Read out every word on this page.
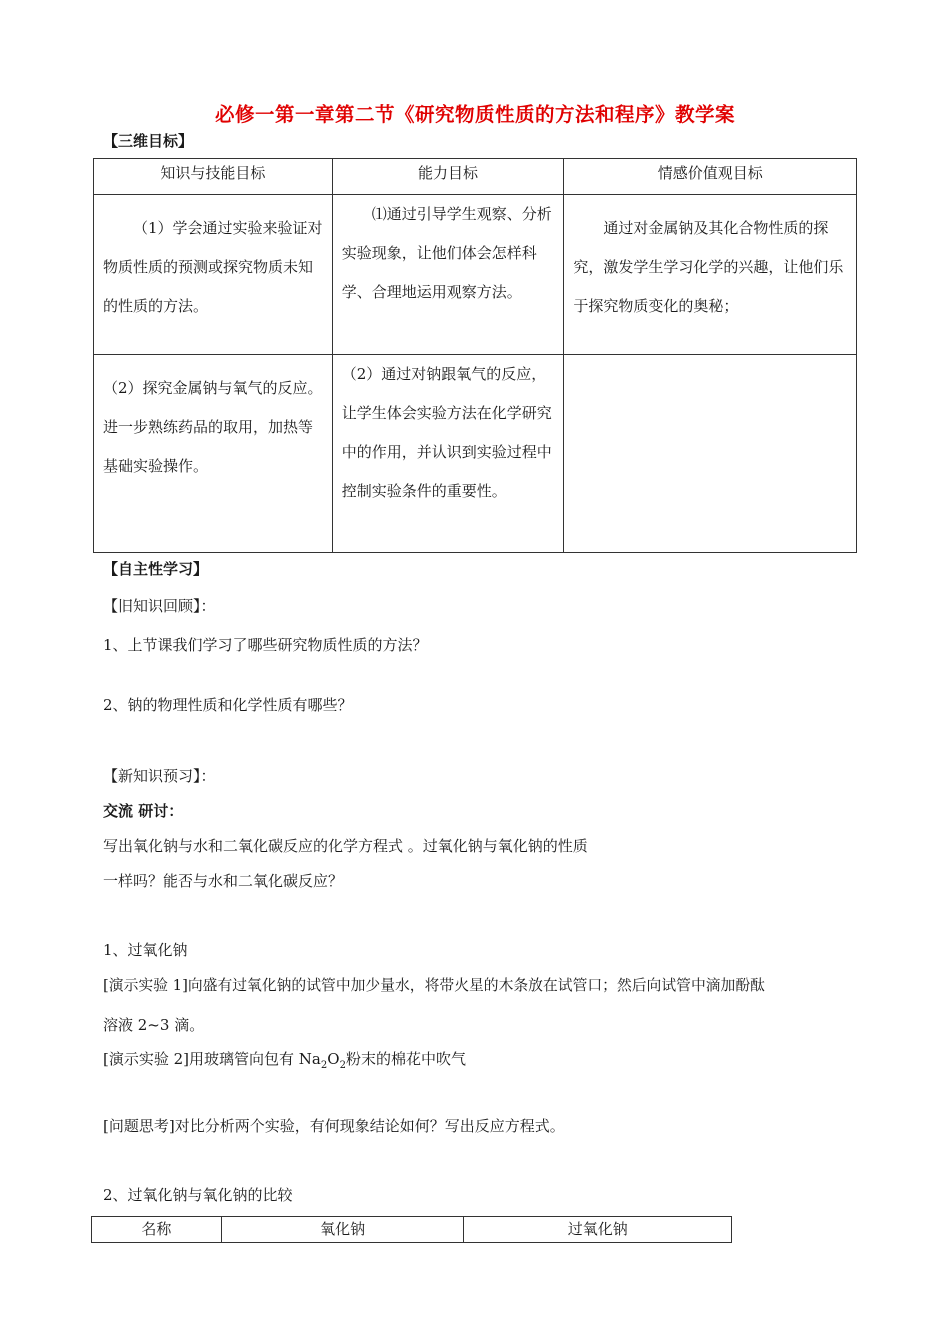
必修一第一章第二节《研究物质性质的方法和程序》教学案
【三维目标】
知识与技能目标	能力目标	情感价值观目标

（1）学会通过实验来验证对物质性质的预测或探究物质未知的性质的方法。	⑴通过引导学生观察、分析实验现象，让他们体会怎样科学、合理地运用观察方法。	通过对金属钠及其化合物性质的探究，激发学生学习化学的兴趣，让他们乐于探究物质变化的奥秘；

（2）探究金属钠与氧气的反应。进一步熟练药品的取用，加热等基础实验操作。	（2）通过对钠跟氧气的反应，让学生体会实验方法在化学研究中的作用，并认识到实验过程中控制实验条件的重要性。	

【自主性学习】
【旧知识回顾】：
1、上节课我们学习了哪些研究物质性质的方法？
2、钠的物理性质和化学性质有哪些？
【新知识预习】：
交流 研讨：
写出氧化钠与水和二氧化碳反应的化学方程式 。过氧化钠与氧化钠的性质
一样吗？能否与水和二氧化碳反应？
1、过氧化钠
[演示实验 1]向盛有过氧化钠的试管中加少量水，将带火星的木条放在试管口；然后向试管中滴加酚酞
溶液 2~3 滴。
[演示实验 2]用玻璃管向包有 $Na_2O_2$粉末的棉花中吹气
[问题思考]对比分析两个实验，有何现象结论如何？写出反应方程式。
2、过氧化钠与氧化钠的比较
名称	氧化钠	过氧化钠
